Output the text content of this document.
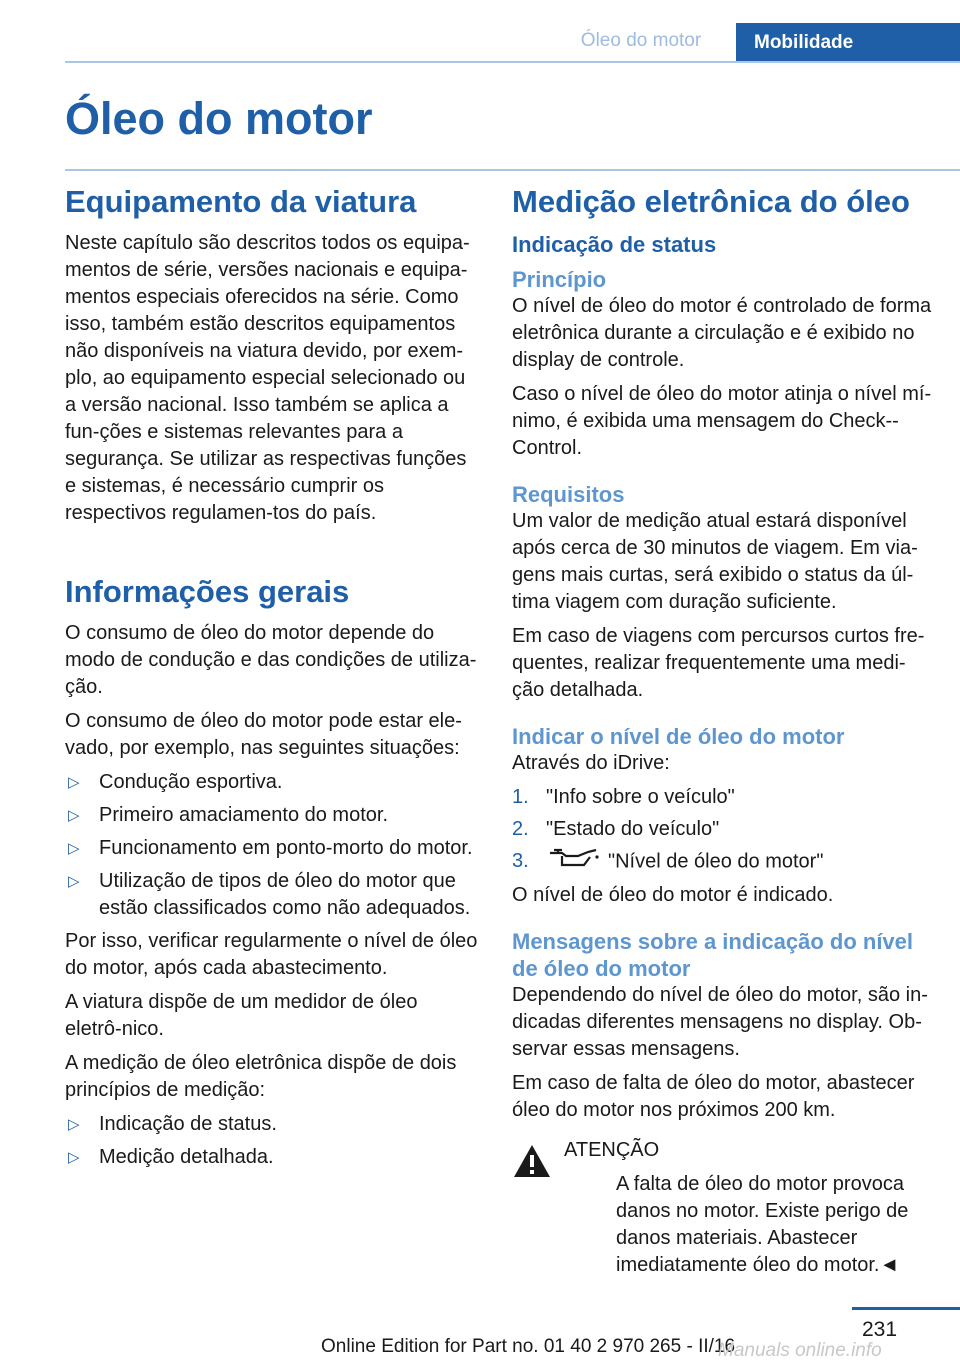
Óleo do motor	Mobilidade
Óleo do motor
Equipamento da viatura

Neste capítulo são descritos todos os equipa-mentos de série, versões nacionais e equipa-mentos especiais oferecidos na série. Como isso, também estão descritos equipamentos não disponíveis na viatura devido, por exem-plo, ao equipamento especial selecionado ou a versão nacional. Isso também se aplica a fun-ções e sistemas relevantes para a segurança. Se utilizar as respectivas funções e sistemas, é necessário cumprir os respectivos regulamen-tos do país.

Informações gerais

O consumo de óleo do motor depende do modo de condução e das condições de utiliza-ção.

O consumo de óleo do motor pode estar ele-vado, por exemplo, nas seguintes situações:

▷ Condução esportiva.
▷ Primeiro amaciamento do motor.
▷ Funcionamento em ponto-morto do motor.
▷ Utilização de tipos de óleo do motor que estão classificados como não adequados.

Por isso, verificar regularmente o nível de óleo do motor, após cada abastecimento.

A viatura dispõe de um medidor de óleo eletrô-nico.

A medição de óleo eletrônica dispõe de dois princípios de medição:

▷ Indicação de status.
▷ Medição detalhada.
Medição eletrônica do óleo
Indicação de status
Princípio

O nível de óleo do motor é controlado de forma eletrônica durante a circulação e é exibido no display de controle.

Caso o nível de óleo do motor atinja o nível mí-nimo, é exibida uma mensagem do Check--Control.

Requisitos

Um valor de medição atual estará disponível após cerca de 30 minutos de viagem. Em via-gens mais curtas, será exibido o status da úl-tima viagem com duração suficiente.

Em caso de viagens com percursos curtos fre-quentes, realizar frequentemente uma medi-ção detalhada.

Indicar o nível de óleo do motor

Através do iDrive:

1. "Info sobre o veículo"
2. "Estado do veículo"
3.	"Nível de óleo do motor"

O nível de óleo do motor é indicado.

Mensagens sobre a indicação do nível de óleo do motor

Dependendo do nível de óleo do motor, são in-dicadas diferentes mensagens no display. Ob-servar essas mensagens.

Em caso de falta de óleo do motor, abastecer óleo do motor nos próximos 200 km.

ATENÇÃO

A falta de óleo do motor provoca danos no motor. Existe perigo de danos materiais. Abastecer imediatamente óleo do motor.◄

231
Online Edition for Part no. 01 40 2 970 265 - II/16
Manuals online.info
